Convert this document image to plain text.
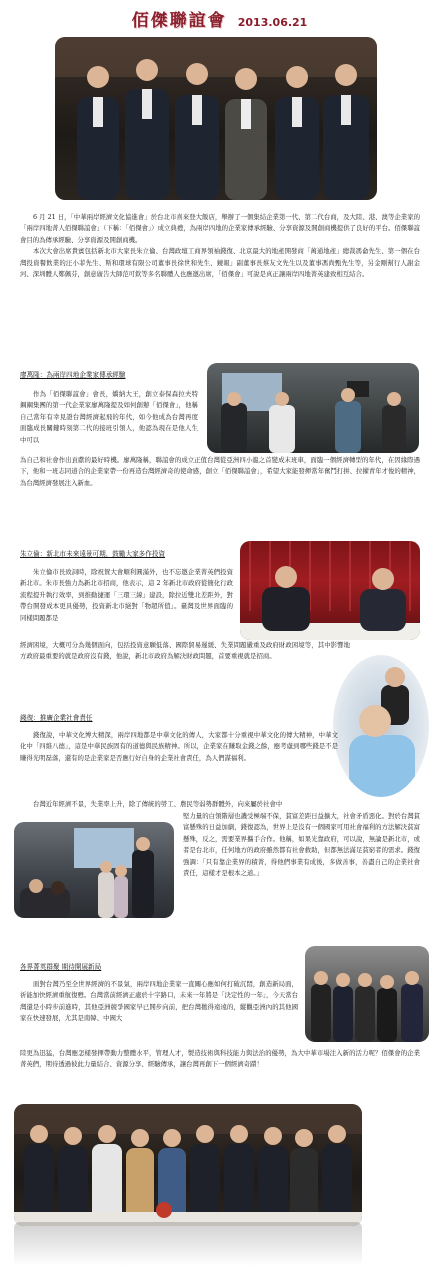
佰傑聯誼會 2013.06.21

6 月 21 日，「中華兩岸經濟文化協進會」於台北市喜來登大飯店，舉辦了一個集結企業第一代、第二代台商，及大陸、港、澳等企業家的「兩岸四地菁人佰傑聯誼會」（下稱：「佰傑會」）成立典禮，為兩岸四地的企業家傳承經驗、分享資源及開創商機提供了良好的平台。佰傑聯誼會目的為傳承經驗、分享資源及開創商機。

本次大會出席貴賓包括新北市大家長朱立倫、台灣政壇工商界領袖錢復、北京最大的地產開發商「萬通地產」總裁馮侖先生、第一個在台灣投資餐飲業的汪小菲先生、斯和環球有限公司董事長徐世和先生、鏡報」副董事長蔡友文先生以及董事馮尚甄先生等，另金剛幫行人謝金河、深圳體人鄭佩芬，創意廣告大師范可欽等多名聯體人也應邀出席，「佰傑會」可說是真正讓兩岸四地菁英建致相互結合。

廖萬隆：為兩岸四地企業家傳承經驗

作為「佰傑聯誼會」會長，嬌納大王，創立泰保森拉夫特鋼鋼集團的第一代企業家廖萬隆提及如何創辦「佰傑會」，他稱自己當年有幸見證台灣經濟起飛的年代，如今他成為台灣再度面臨成長關鍵時刻第二代的接班引領人，他認為現在是他人生中可以

為自己和社會作出貢獻的最好時機。廖萬隆稱，聯誼會的成立正值台灣從亞洲四小龍之首變成末班車，面臨一個經濟轉型的年代，在因緣際遇下，他和一班志同道合的企業家帶一份再造台灣經濟奇的使命感，創立「佰傑聯誼會」，希望大家能發揮當年奮鬥打拼、拉擢青年才俊的精神，為台灣經濟發展注入新血。

朱立倫：新北市未來遠景可期，鼓勵大家多作投資

朱立倫市長致詞時，除祝賀大會順利圓滿外，也不忘邀企業菁英們投資新北市。朱市長強力為新北市招商，他表示，這 2 年新北市政府從簡化行政流程提升執行效率，到推動捷運「三環三線」建設，除拉近雙北差距外，對帶台開發成本更具優勢，投資新北市絕對「物超所值」。臺灣及世界面臨的同樣問題都是

經濟困境，大概可分為幾個面向，包括投資意願低落、國際貿易遲緩、失業問題嚴重及政府財政困境等，其中影響地方政府最重要的就是政府沒有錢，他說，新北市政府為解決財政問題，首要重視就是招商。

錢復：推廣企業社會責任

錢復說，中華文化博大精深，兩岸四地都是中華文化的傳人，大家都十分重視中華文化的傳大精神，中華文化中「四維八德」，這是中華民族固有的道德與民族精神。所以，企業家在賺取金錢之餘，應考慮到哪些錢是不是賺得光明磊落，還有的是企業家是否應行好自身的企業社會責任，為人們謀福利。

台灣近年經濟不景，失業率上升，除了傳統的勞工、農民等弱勢群體外，向來屬於社會中

堅力量的白領階層也譏受極端不保，貧富差距日益擴大，社會矛盾惡化。對於台灣貧富懸殊的日益加劇，錢復認為，世界上是沒有一個國家可用社會福利的方法解決貧富懸殊，反之，需要業界攜手合作。他稱，如果光靠政府，可以說，無論是新北市，或者是台北市，任何地方的政府雖然都有社會救助，但都無法滿足貧窮者的需求。錢復強調：「只有靠企業界的積菁，得他們事業有成後，多做善事，善盡自己的企業社會責任，這樣才是根本之道。」

各界菁英群聚 期待開展新局

面對台灣乃至全世界經濟的不景氣，兩岸四地企業家一直關心應如何打破沉悶，創造新局面，祈能加快經濟重航復甦。台灣當前經濟正處於十字路口，未來一年將是「決定性的一年」，今天當台灣還是小時步前進時，其他亞洲競爭國家早已開步向前，把台灣拋得遠遠的，縱觀亞洲內的其他國家在快速發展，尤其是南韓、中國大

陸更為迅猛，台灣應怎樣發揮帶動力整體水平，管理人才，製造技術與科技能力與法治的優勢，為大中華市場注入新的活力呢？佰傑會的企業菁英們，期待透過彼此力量結合、資源分享、經驗傳承，讓台灣再創下一個經濟奇蹟！
